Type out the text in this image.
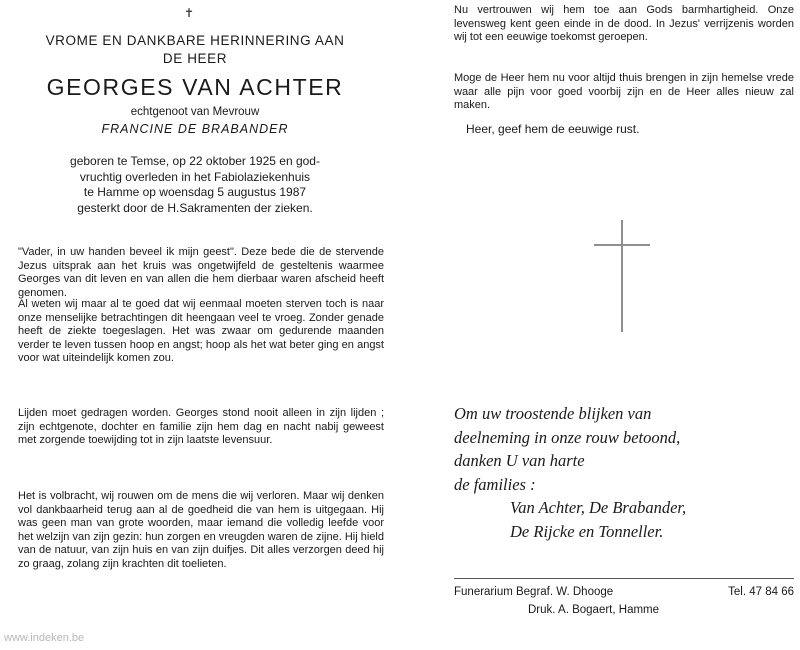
✝
VROME EN DANKBARE HERINNERING AAN
DE HEER
GEORGES VAN ACHTER
echtgenoot van Mevrouw
FRANCINE DE BRABANDER
geboren te Temse, op 22 oktober 1925 en god-
vruchtig overleden in het Fabiolaziekenhuis
te Hamme op woensdag 5 augustus 1987
gesterkt door de H.Sakramenten der zieken.
"Vader, in uw handen beveel ik mijn geest". Deze bede die de stervende Jezus uitsprak aan het kruis was ongetwijfeld de gesteltenis waarmee Georges van dit leven en van allen die hem dierbaar waren afscheid heeft genomen.
Al weten wij maar al te goed dat wij eenmaal moeten sterven toch is naar onze menselijke betrachtingen dit heengaan veel te vroeg. Zonder genade heeft de ziekte toegeslagen. Het was zwaar om gedurende maanden verder te leven tussen hoop en angst; hoop als het wat beter ging en angst voor wat uiteindelijk komen zou.
Lijden moet gedragen worden. Georges stond nooit alleen in zijn lijden ; zijn echtgenote, dochter en familie zijn hem dag en nacht nabij geweest met zorgende toewijding tot in zijn laatste levensuur.
Het is volbracht, wij rouwen om de mens die wij verloren. Maar wij denken vol dankbaarheid terug aan al de goedheid die van hem is uitgegaan. Hij was geen man van grote woorden, maar iemand die volledig leefde voor het welzijn van zijn gezin: hun zorgen en vreugden waren de zijne. Hij hield van de natuur, van zijn huis en van zijn duifjes. Dit alles verzorgen deed hij zo graag, zolang zijn krachten dit toelieten.
www.indeken.be
Nu vertrouwen wij hem toe aan Gods barmhartigheid. Onze levensweg kent geen einde in de dood. In Jezus' verrijzenis worden wij tot een eeuwige toekomst geroepen.
Moge de Heer hem nu voor altijd thuis brengen in zijn hemelse vrede waar alle pijn voor goed voorbij zijn en de Heer alles nieuw zal maken.
Heer, geef hem de eeuwige rust.
Om uw troostende blijken van
deelneming in onze rouw betoond,
danken U van harte
de families :
Van Achter, De Brabander,
De Rijcke en Tonneller.
Funerarium Begraf. W. Dhooge	Tel. 47 84 66
Druk. A. Bogaert, Hamme
